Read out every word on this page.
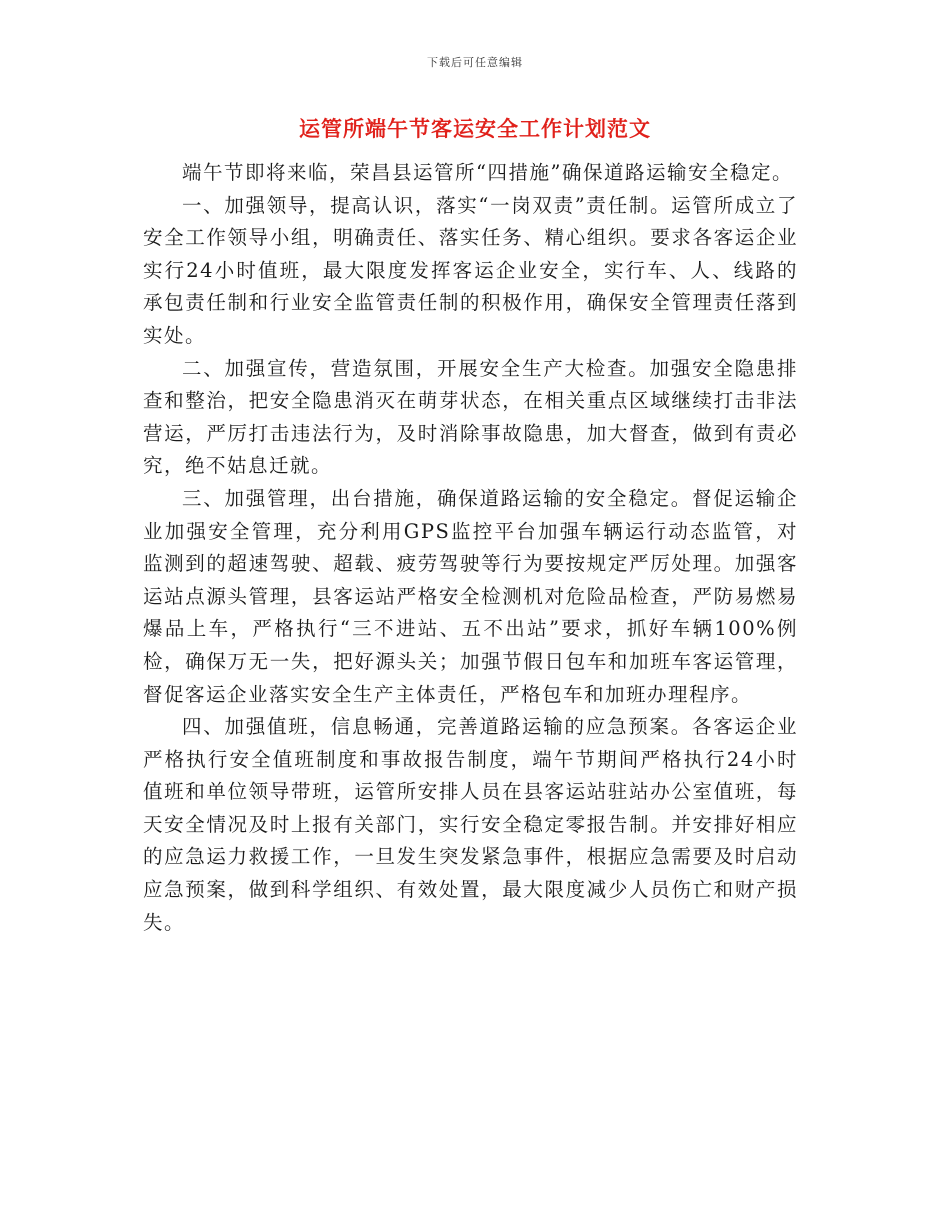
下载后可任意编辑
运管所端午节客运安全工作计划范文

端午节即将来临，荣昌县运管所“四措施”确保道路运输安全稳定。

一、加强领导，提高认识，落实“一岗双责”责任制。运管所成立了安全工作领导小组，明确责任、落实任务、精心组织。要求各客运企业实行24小时值班，最大限度发挥客运企业安全，实行车、人、线路的承包责任制和行业安全监管责任制的积极作用，确保安全管理责任落到实处。

二、加强宣传，营造氛围，开展安全生产大检查。加强安全隐患排查和整治，把安全隐患消灭在萌芽状态，在相关重点区域继续打击非法营运，严厉打击违法行为，及时消除事故隐患，加大督查，做到有责必究，绝不姑息迁就。

三、加强管理，出台措施，确保道路运输的安全稳定。督促运输企业加强安全管理，充分利用GPS监控平台加强车辆运行动态监管，对监测到的超速驾驶、超载、疲劳驾驶等行为要按规定严厉处理。加强客运站点源头管理，县客运站严格安全检测机对危险品检查，严防易燃易爆品上车，严格执行“三不进站、五不出站”要求，抓好车辆100%例检，确保万无一失，把好源头关；加强节假日包车和加班车客运管理，督促客运企业落实安全生产主体责任，严格包车和加班办理程序。

四、加强值班，信息畅通，完善道路运输的应急预案。各客运企业严格执行安全值班制度和事故报告制度，端午节期间严格执行24小时值班和单位领导带班，运管所安排人员在县客运站驻站办公室值班，每天安全情况及时上报有关部门，实行安全稳定零报告制。并安排好相应的应急运力救援工作，一旦发生突发紧急事件，根据应急需要及时启动应急预案，做到科学组织、有效处置，最大限度减少人员伤亡和财产损失。
